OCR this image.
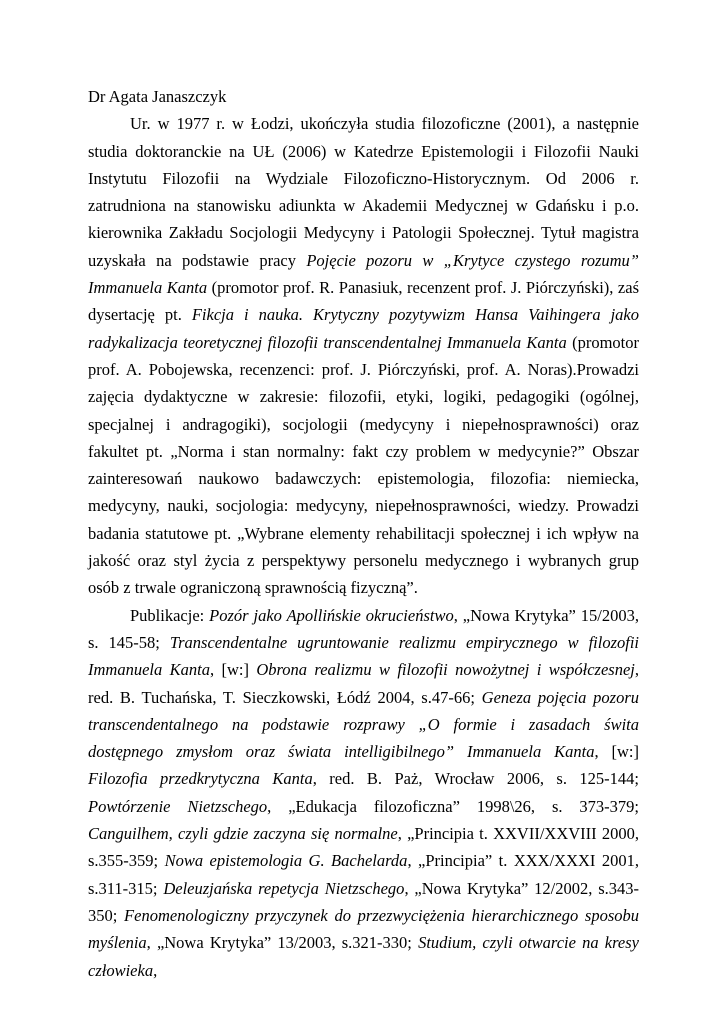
Dr Agata Janaszczyk

Ur. w 1977 r. w Łodzi, ukończyła studia filozoficzne (2001), a następnie studia doktoranckie na UŁ (2006) w Katedrze Epistemologii i Filozofii Nauki Instytutu Filozofii na Wydziale Filozoficzno-Historycznym. Od 2006 r. zatrudniona na stanowisku adiunkta w Akademii Medycznej w Gdańsku i p.o. kierownika Zakładu Socjologii Medycyny i Patologii Społecznej. Tytuł magistra uzyskała na podstawie pracy Pojęcie pozoru w „Krytyce czystego rozumu” Immanuela Kanta (promotor prof. R. Panasiuk, recenzent prof. J. Piórczyński), zaś dysertację pt. Fikcja i nauka. Krytyczny pozytywizm Hansa Vaihingera jako radykalizacja teoretycznej filozofii transcendentalnej Immanuela Kanta (promotor prof. A. Pobojewska, recenzenci: prof. J. Piórczyński, prof. A. Noras).Prowadzi zajęcia dydaktyczne w zakresie: filozofii, etyki, logiki, pedagogiki (ogólnej, specjalnej i andragogiki), socjologii (medycyny i niepełnosprawności) oraz fakultet pt. „Norma i stan normalny: fakt czy problem w medycynie?” Obszar zainteresowań naukowo badawczych: epistemologia, filozofia: niemiecka, medycyny, nauki, socjologia: medycyny, niepełnosprawności, wiedzy. Prowadzi badania statutowe pt. „Wybrane elementy rehabilitacji społecznej i ich wpływ na jakość oraz styl życia z perspektywy personelu medycznego i wybranych grup osób z trwale ograniczoną sprawnością fizyczną”.

Publikacje: Pozór jako Apollińskie okrucieństwo, „Nowa Krytyka” 15/2003, s. 145-58; Transcendentalne ugruntowanie realizmu empirycznego w filozofii Immanuela Kanta, [w:] Obrona realizmu w filozofii nowożytnej i współczesnej, red. B. Tuchańska, T. Sieczkowski, Łódź 2004, s.47-66; Geneza pojęcia pozoru transcendentalnego na podstawie rozprawy „O formie i zasadach świta dostępnego zmysłom oraz świata intelligibilnego” Immanuela Kanta, [w:] Filozofia przedkrytyczna Kanta, red. B. Paż, Wrocław 2006, s. 125-144; Powtórzenie Nietzschego, „Edukacja filozoficzna” 1998\26, s. 373-379; Canguilhem, czyli gdzie zaczyna się normalne, „Principia t. XXVII/XXVIII 2000, s.355-359; Nowa epistemologia G. Bachelarda, „Principia” t. XXX/XXXI 2001, s.311-315; Deleuzjańska repetycja Nietzschego, „Nowa Krytyka” 12/2002, s.343-350; Fenomenologiczny przyczynek do przezwyciężenia hierarchicznego sposobu myślenia, „Nowa Krytyka” 13/2003, s.321-330; Studium, czyli otwarcie na kresy człowieka,
